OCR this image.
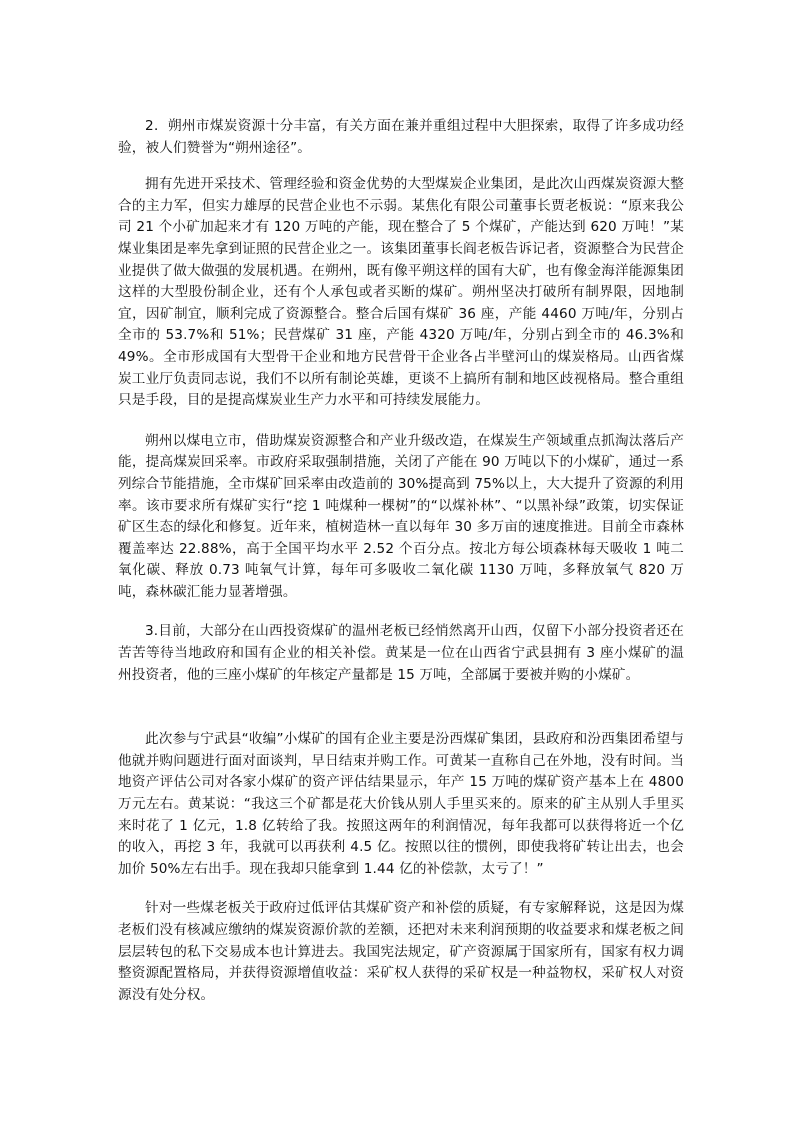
2．朔州市煤炭资源十分丰富，有关方面在兼并重组过程中大胆探索，取得了许多成功经验，被人们赞誉为“朔州途径”。

拥有先进开采技术、管理经验和资金优势的大型煤炭企业集团，是此次山西煤炭资源大整合的主力军，但实力雄厚的民营企业也不示弱。某焦化有限公司董事长贾老板说：“原来我公司 21 个小矿加起来才有 120 万吨的产能，现在整合了 5 个煤矿，产能达到 620 万吨！”某煤业集团是率先拿到证照的民营企业之一。该集团董事长阎老板告诉记者，资源整合为民营企业提供了做大做强的发展机遇。在朔州，既有像平朔这样的国有大矿，也有像金海洋能源集团这样的大型股份制企业，还有个人承包或者买断的煤矿。朔州坚决打破所有制界限，因地制宜，因矿制宜，顺利完成了资源整合。整合后国有煤矿 36 座，产能 4460 万吨/年，分别占全市的 53.7%和 51%；民营煤矿 31 座，产能 4320 万吨/年，分别占到全市的 46.3%和 49%。全市形成国有大型骨干企业和地方民营骨干企业各占半壁河山的煤炭格局。山西省煤炭工业厅负责同志说，我们不以所有制论英雄，更谈不上搞所有制和地区歧视格局。整合重组只是手段，目的是提高煤炭业生产力水平和可持续发展能力。

朔州以煤电立市，借助煤炭资源整合和产业升级改造，在煤炭生产领域重点抓淘汰落后产能，提高煤炭回采率。市政府采取强制措施，关闭了产能在 90 万吨以下的小煤矿，通过一系列综合节能措施，全市煤矿回采率由改造前的 30%提高到 75%以上，大大提升了资源的利用率。该市要求所有煤矿实行“挖 1 吨煤种一棵树”的“以煤补林”、“以黑补绿”政策，切实保证矿区生态的绿化和修复。近年来，植树造林一直以每年 30 多万亩的速度推进。目前全市森林覆盖率达 22.88%，高于全国平均水平 2.52 个百分点。按北方每公顷森林每天吸收 1 吨二氧化碳、释放 0.73 吨氧气计算，每年可多吸收二氧化碳 1130 万吨，多释放氧气 820 万吨，森林碳汇能力显著增强。

3.目前，大部分在山西投资煤矿的温州老板已经悄然离开山西，仅留下小部分投资者还在苦苦等待当地政府和国有企业的相关补偿。黄某是一位在山西省宁武县拥有 3 座小煤矿的温州投资者，他的三座小煤矿的年核定产量都是 15 万吨，全部属于要被并购的小煤矿。

此次参与宁武县“收编”小煤矿的国有企业主要是汾西煤矿集团，县政府和汾西集团希望与他就并购问题进行面对面谈判，早日结束并购工作。可黄某一直称自己在外地，没有时间。当地资产评估公司对各家小煤矿的资产评估结果显示，年产 15 万吨的煤矿资产基本上在 4800 万元左右。黄某说：“我这三个矿都是花大价钱从别人手里买来的。原来的矿主从别人手里买来时花了 1 亿元，1.8 亿转给了我。按照这两年的利润情况，每年我都可以获得将近一个亿的收入，再挖 3 年，我就可以再获利 4.5 亿。按照以往的惯例，即使我将矿转让出去，也会加价 50%左右出手。现在我却只能拿到 1.44 亿的补偿款，太亏了！”

针对一些煤老板关于政府过低评估其煤矿资产和补偿的质疑，有专家解释说，这是因为煤老板们没有核减应缴纳的煤炭资源价款的差额，还把对未来利润预期的收益要求和煤老板之间层层转包的私下交易成本也计算进去。我国宪法规定，矿产资源属于国家所有，国家有权力调整资源配置格局，并获得资源增值收益：采矿权人获得的采矿权是一种益物权，采矿权人对资源没有处分权。
